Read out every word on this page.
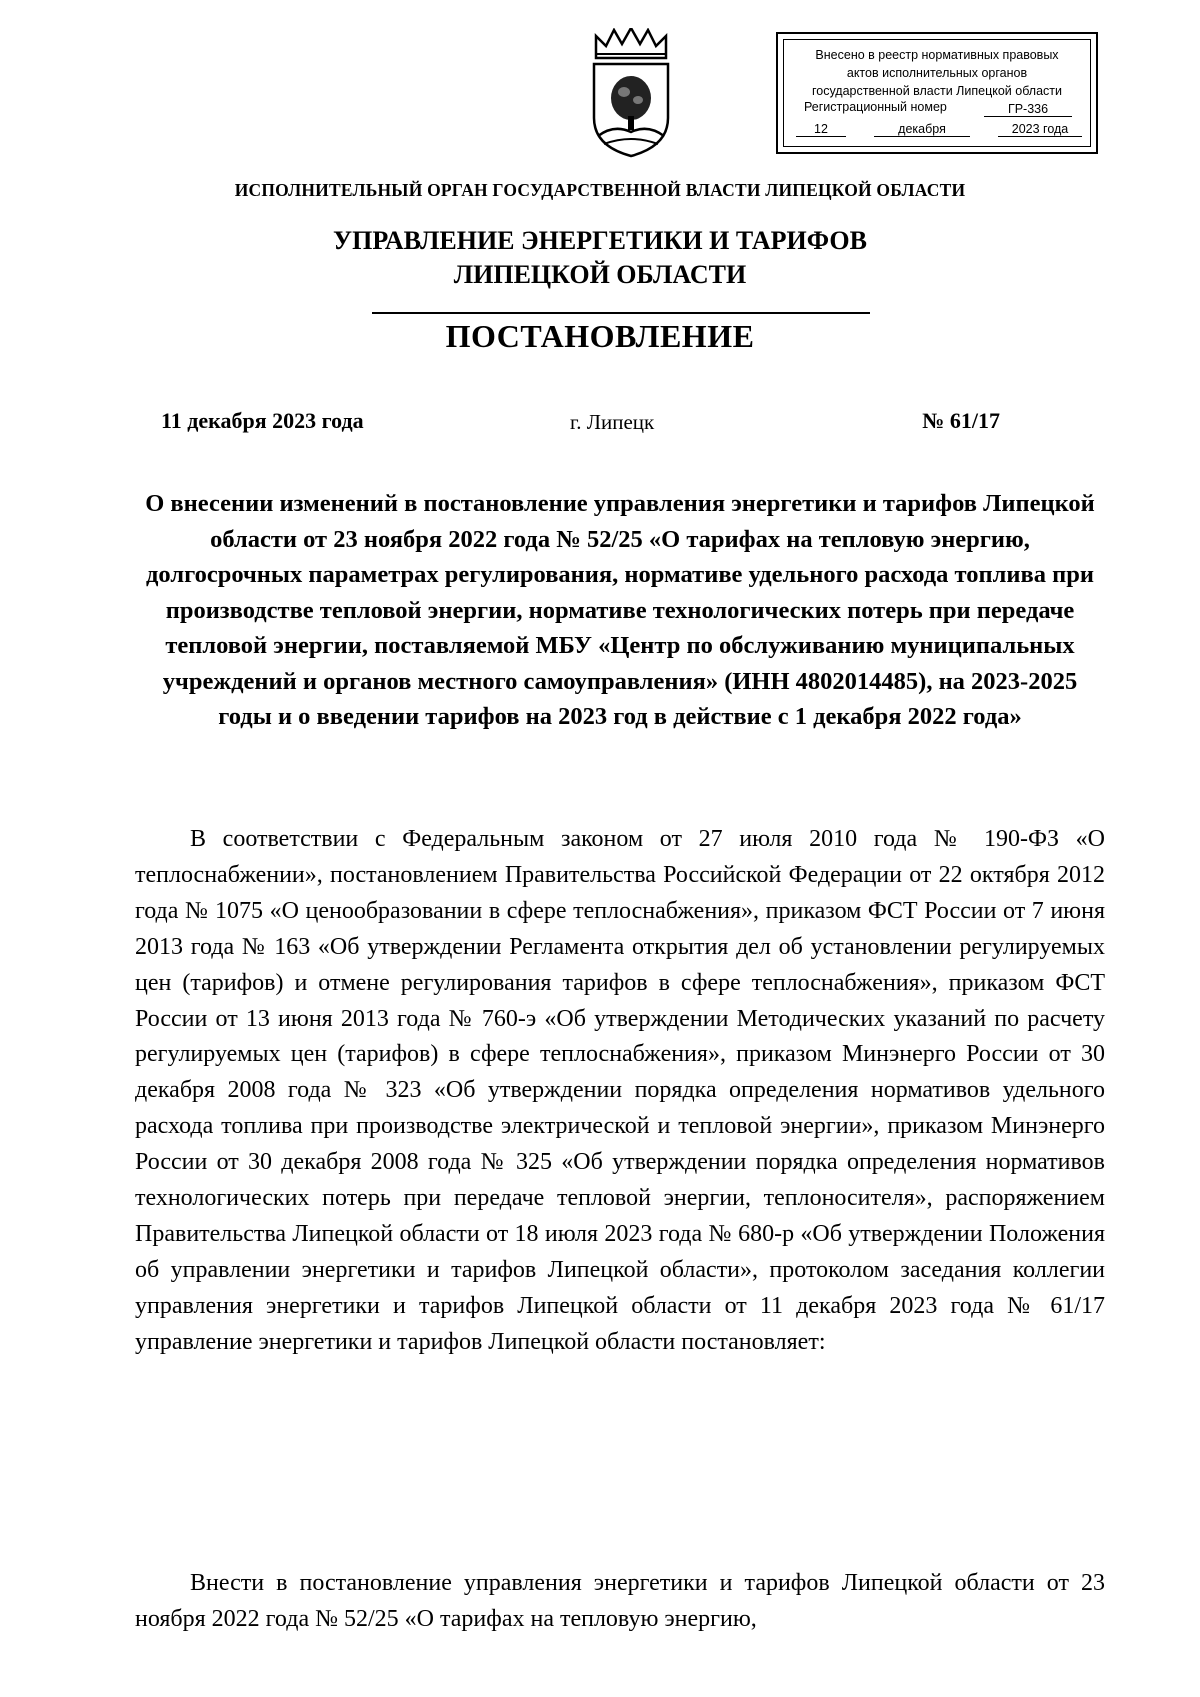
Внесено в реестр нормативных правовых
актов исполнительных органов
государственной власти Липецкой области
Регистрационный номер	ГР-336
12	декабря	2023 года
ИСПОЛНИТЕЛЬНЫЙ ОРГАН ГОСУДАРСТВЕННОЙ ВЛАСТИ ЛИПЕЦКОЙ ОБЛАСТИ
УПРАВЛЕНИЕ ЭНЕРГЕТИКИ И ТАРИФОВ
ЛИПЕЦКОЙ ОБЛАСТИ
ПОСТАНОВЛЕНИЕ
11 декабря 2023 года	г. Липецк	№ 61/17
О внесении изменений в постановление управления энергетики и тарифов Липецкой области от 23 ноября 2022 года № 52/25 «О тарифах на тепловую энергию, долгосрочных параметрах регулирования, нормативе удельного расхода топлива при производстве тепловой энергии, нормативе технологических потерь при передаче тепловой энергии, поставляемой МБУ «Центр по обслуживанию муниципальных учреждений и органов местного самоуправления» (ИНН 4802014485), на 2023-2025 годы и о введении тарифов на 2023 год в действие с 1 декабря 2022 года»
В соответствии с Федеральным законом от 27 июля 2010 года № 190-ФЗ «О теплоснабжении», постановлением Правительства Российской Федерации от 22 октября 2012 года № 1075 «О ценообразовании в сфере теплоснабжения», приказом ФСТ России от 7 июня 2013 года № 163 «Об утверждении Регламента открытия дел об установлении регулируемых цен (тарифов) и отмене регулирования тарифов в сфере теплоснабжения», приказом ФСТ России от 13 июня 2013 года № 760-э «Об утверждении Методических указаний по расчету регулируемых цен (тарифов) в сфере теплоснабжения», приказом Минэнерго России от 30 декабря 2008 года № 323 «Об утверждении порядка определения нормативов удельного расхода топлива при производстве электрической и тепловой энергии», приказом Минэнерго России от 30 декабря 2008 года № 325 «Об утверждении порядка определения нормативов технологических потерь при передаче тепловой энергии, теплоносителя», распоряжением Правительства Липецкой области от 18 июля 2023 года № 680-р «Об утверждении Положения об управлении энергетики и тарифов Липецкой области», протоколом заседания коллегии управления энергетики и тарифов Липецкой области от 11 декабря 2023 года № 61/17 управление энергетики и тарифов Липецкой области постановляет:
Внести в постановление управления энергетики и тарифов Липецкой области от 23 ноября 2022 года № 52/25 «О тарифах на тепловую энергию,
